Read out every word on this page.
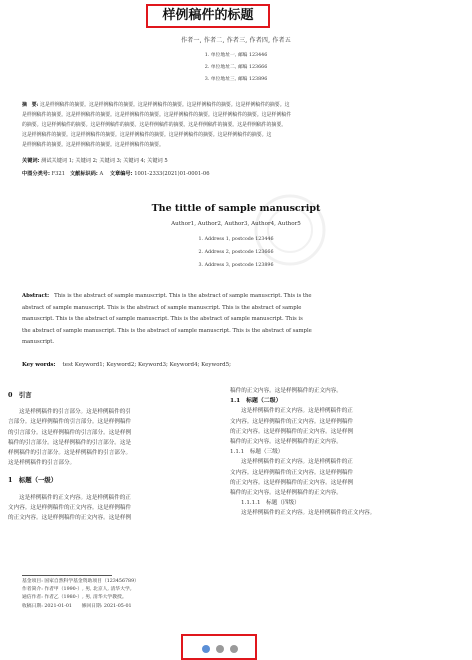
样例稿件的标题
作者一, 作者二, 作者三, 作者四, 作者五
1. 单位地址一, 邮编 123446
2. 单位地址二, 邮编 123666
3. 单位地址三, 邮编 123896
摘　要: 这是样例稿件的摘要。这是样例稿件的摘要。这是样例稿件的摘要。这是样例稿件的摘要。这是样例稿件的摘要。这
是样例稿件的摘要。这是样例稿件的摘要。这是样例稿件的摘要。这是样例稿件的摘要。这是样例稿件的摘要。这是样例稿件
的摘要。这是样例稿件的摘要。这是样例稿件的摘要。这是样例稿件的摘要。这是样例稿件的摘要。这是样例稿件的摘要。
这是样例稿件的摘要。这是样例稿件的摘要。这是样例稿件的摘要。这是样例稿件的摘要。这是样例稿件的摘要。这
是样例稿件的摘要。这是样例稿件的摘要。这是样例稿件的摘要。
关键词: 测试关键词 1; 关键词 2; 关键词 3; 关键词 4; 关键词 5
中图分类号: F321 文献标识码: A 文章编号: 1001-2333(2021)01-0001-06
The tittle of sample manuscript
Author1, Author2, Author3, Author4, Author5
1. Address 1, postcode 123446
2. Address 2, postcode 123666
3. Address 3, postcode 123896
Abstract: This is the abstract of sample manuscript. This is the abstract of sample manuscript. This is the
abstract of sample manuscript. This is the abstract of sample manuscript. This is the abstract of sample
manuscript. This is the abstract of sample manuscript. This is the abstract of sample manuscript. This is
the abstract of sample manuscript. This is the abstract of sample manuscript. This is the abstract of sample
manuscript.
Key words: test Keyword1; Keyword2; Keyword3; Keyword4; Keyword5;
0　引言
这是样例稿件的引言部分。这是样例稿件的引
言部分。这是样例稿件的引言部分。这是样例稿件
的引言部分。这是样例稿件的引言部分。这是样例
稿件的引言部分。这是样例稿件的引言部分。这是
样例稿件的引言部分。这是样例稿件的引言部分。
这是样例稿件的引言部分。
1　标题（一级）
这是样例稿件的正文内容。这是样例稿件的正
文内容。这是样例稿件的正文内容。这是样例稿件
的正文内容。这是样例稿件的正文内容。这是样例
稿件的正文内容。这是样例稿件的正文内容。
1.1　标题（二级）
这是样例稿件的正文内容。这是样例稿件的正
文内容。这是样例稿件的正文内容。这是样例稿件
的正文内容。这是样例稿件的正文内容。这是样例
稿件的正文内容。这是样例稿件的正文内容。
1.1.1　标题（三级）
这是样例稿件的正文内容。这是样例稿件的正
文内容。这是样例稿件的正文内容。这是样例稿件
的正文内容。这是样例稿件的正文内容。这是样例
稿件的正文内容。这是样例稿件的正文内容。
1.1.1.1　标题（四级）
这是样例稿件的正文内容。这是样例稿件的正文内容。
基金项目: 国家自然科学基金资助项目（123456789）
作者简介: 作者甲（1990-）, 男, 北京人, 清华大学。
通信作者: 作者乙（1980-）, 男, 清华大学教授。
收稿日期: 2021-01-01　　修回日期: 2021-05-01
